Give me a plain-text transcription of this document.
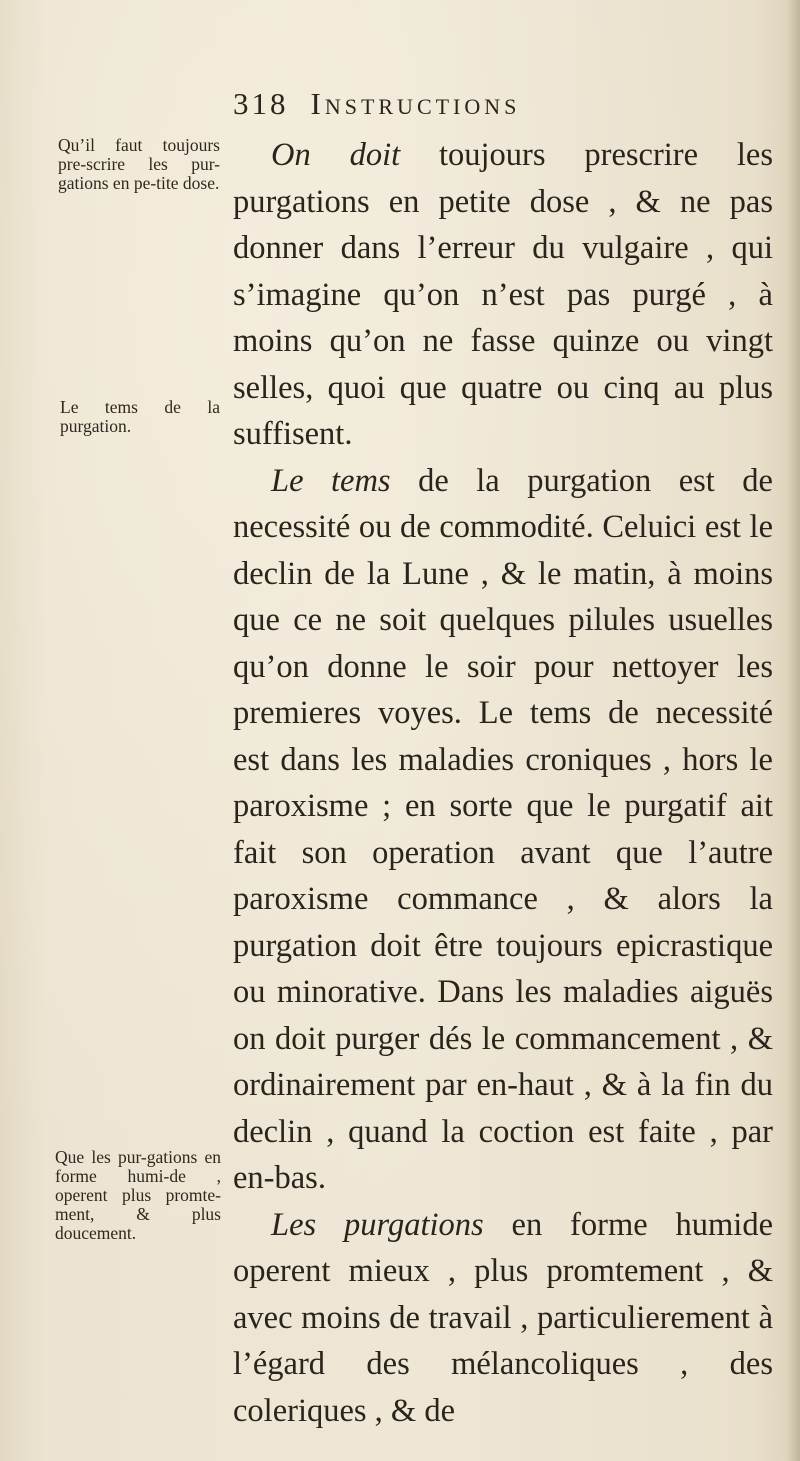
318 Instructions
Qu’il faut toujours pre-scrire les pur-gations en pe-tite dose.
Le tems de la purgation.
Que les pur-gations en forme humi-de , operent plus promte-ment, & plus doucement.

On doit toujours prescrire les purgations en petite dose , & ne pas donner dans l’erreur du vulgaire , qui s’imagine qu’on n’est pas purgé , à moins qu’on ne fasse quinze ou vingt selles, quoi que quatre ou cinq au plus suffisent.

Le tems de la purgation est de necessité ou de commodité. Celuici est le declin de la Lune , & le matin, à moins que ce ne soit quelques pilules usuelles qu’on donne le soir pour nettoyer les premieres voyes. Le tems de necessité est dans les maladies croniques , hors le paroxisme ; en sorte que le purgatif ait fait son operation avant que l’autre paroxisme commance , & alors la purgation doit être toujours epicrastique ou minorative. Dans les maladies aiguës on doit purger dés le commancement , & ordinairement par en-haut , & à la fin du declin , quand la coction est faite , par en-bas.

Les purgations en forme humide operent mieux , plus promtement , & avec moins de travail , particulierement à l’égard des mélancoliques , des coleriques , & de
